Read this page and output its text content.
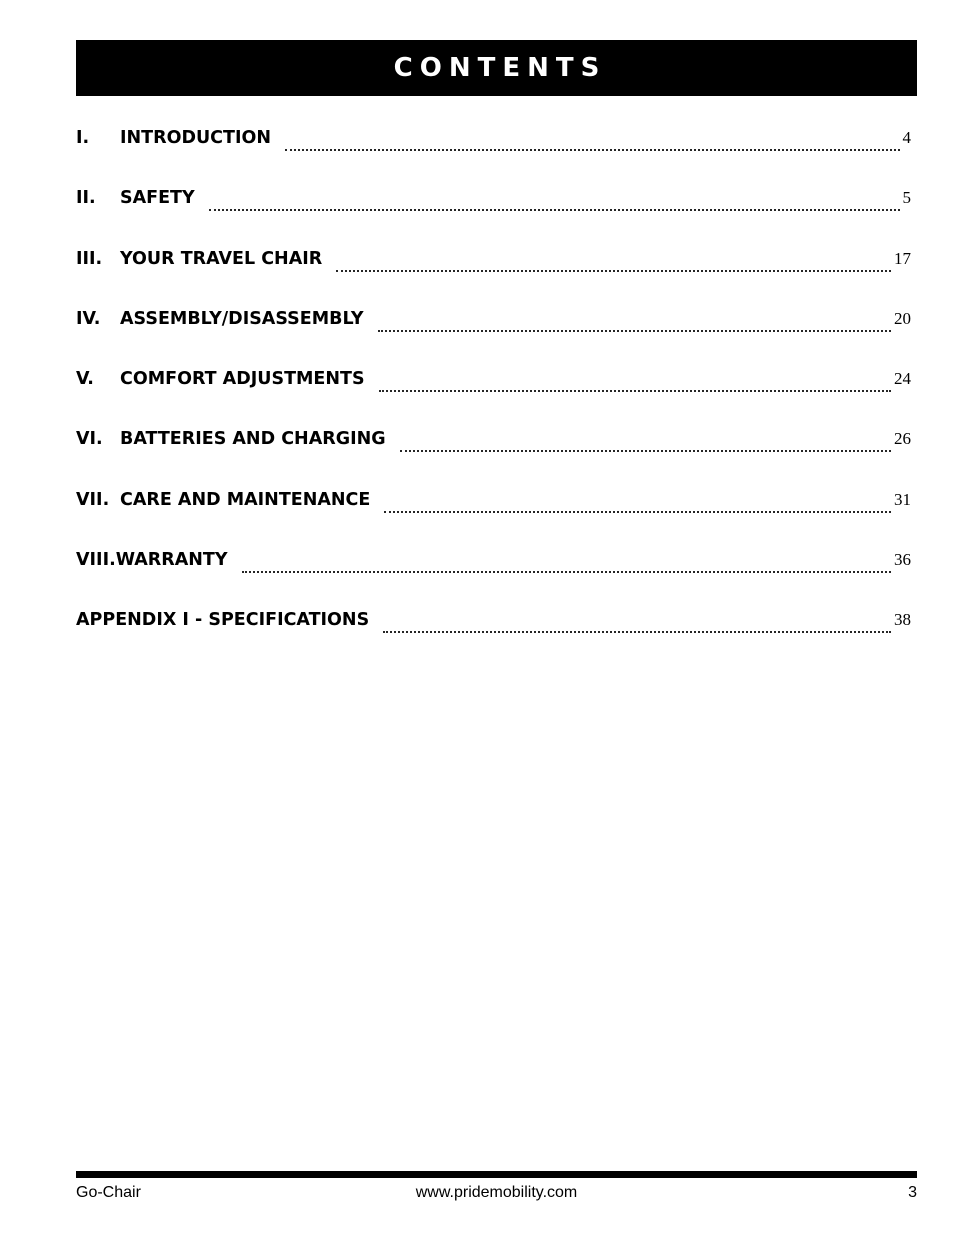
CONTENTS
I.	INTRODUCTION	4
II.	SAFETY	5
III.	YOUR TRAVEL CHAIR	17
IV.	ASSEMBLY/DISASSEMBLY	20
V.	COMFORT ADJUSTMENTS	24
VI. BATTERIES AND CHARGING	26
VII. CARE AND MAINTENANCE	31
VIII. WARRANTY	36
APPENDIX I - SPECIFICATIONS	38
Go-Chair	www.pridemobility.com	3
